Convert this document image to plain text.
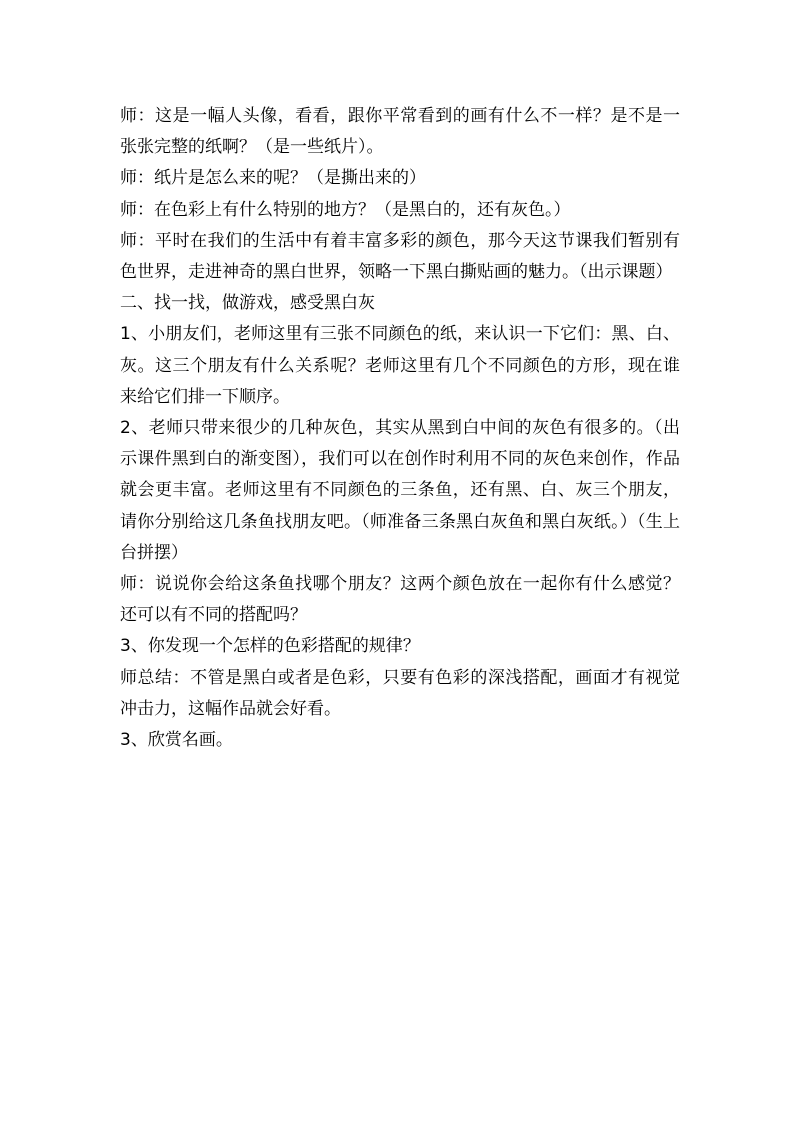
师：这是一幅人头像，看看，跟你平常看到的画有什么不一样？是不是一张张完整的纸啊？（是一些纸片）。

师：纸片是怎么来的呢？（是撕出来的）

师：在色彩上有什么特别的地方？（是黑白的，还有灰色。）

师：平时在我们的生活中有着丰富多彩的颜色，那今天这节课我们暂别有色世界，走进神奇的黑白世界，领略一下黑白撕贴画的魅力。（出示课题）

二、找一找，做游戏，感受黑白灰

1、小朋友们，老师这里有三张不同颜色的纸，来认识一下它们：黑、白、灰。这三个朋友有什么关系呢？老师这里有几个不同颜色的方形，现在谁来给它们排一下顺序。

2、老师只带来很少的几种灰色，其实从黑到白中间的灰色有很多的。（出示课件黑到白的渐变图），我们可以在创作时利用不同的灰色来创作，作品就会更丰富。老师这里有不同颜色的三条鱼，还有黑、白、灰三个朋友，请你分别给这几条鱼找朋友吧。（师准备三条黑白灰鱼和黑白灰纸。）（生上台拼摆）

师：说说你会给这条鱼找哪个朋友？这两个颜色放在一起你有什么感觉？还可以有不同的搭配吗？

3、你发现一个怎样的色彩搭配的规律？

师总结：不管是黑白或者是色彩，只要有色彩的深浅搭配，画面才有视觉冲击力，这幅作品就会好看。

3、欣赏名画。
